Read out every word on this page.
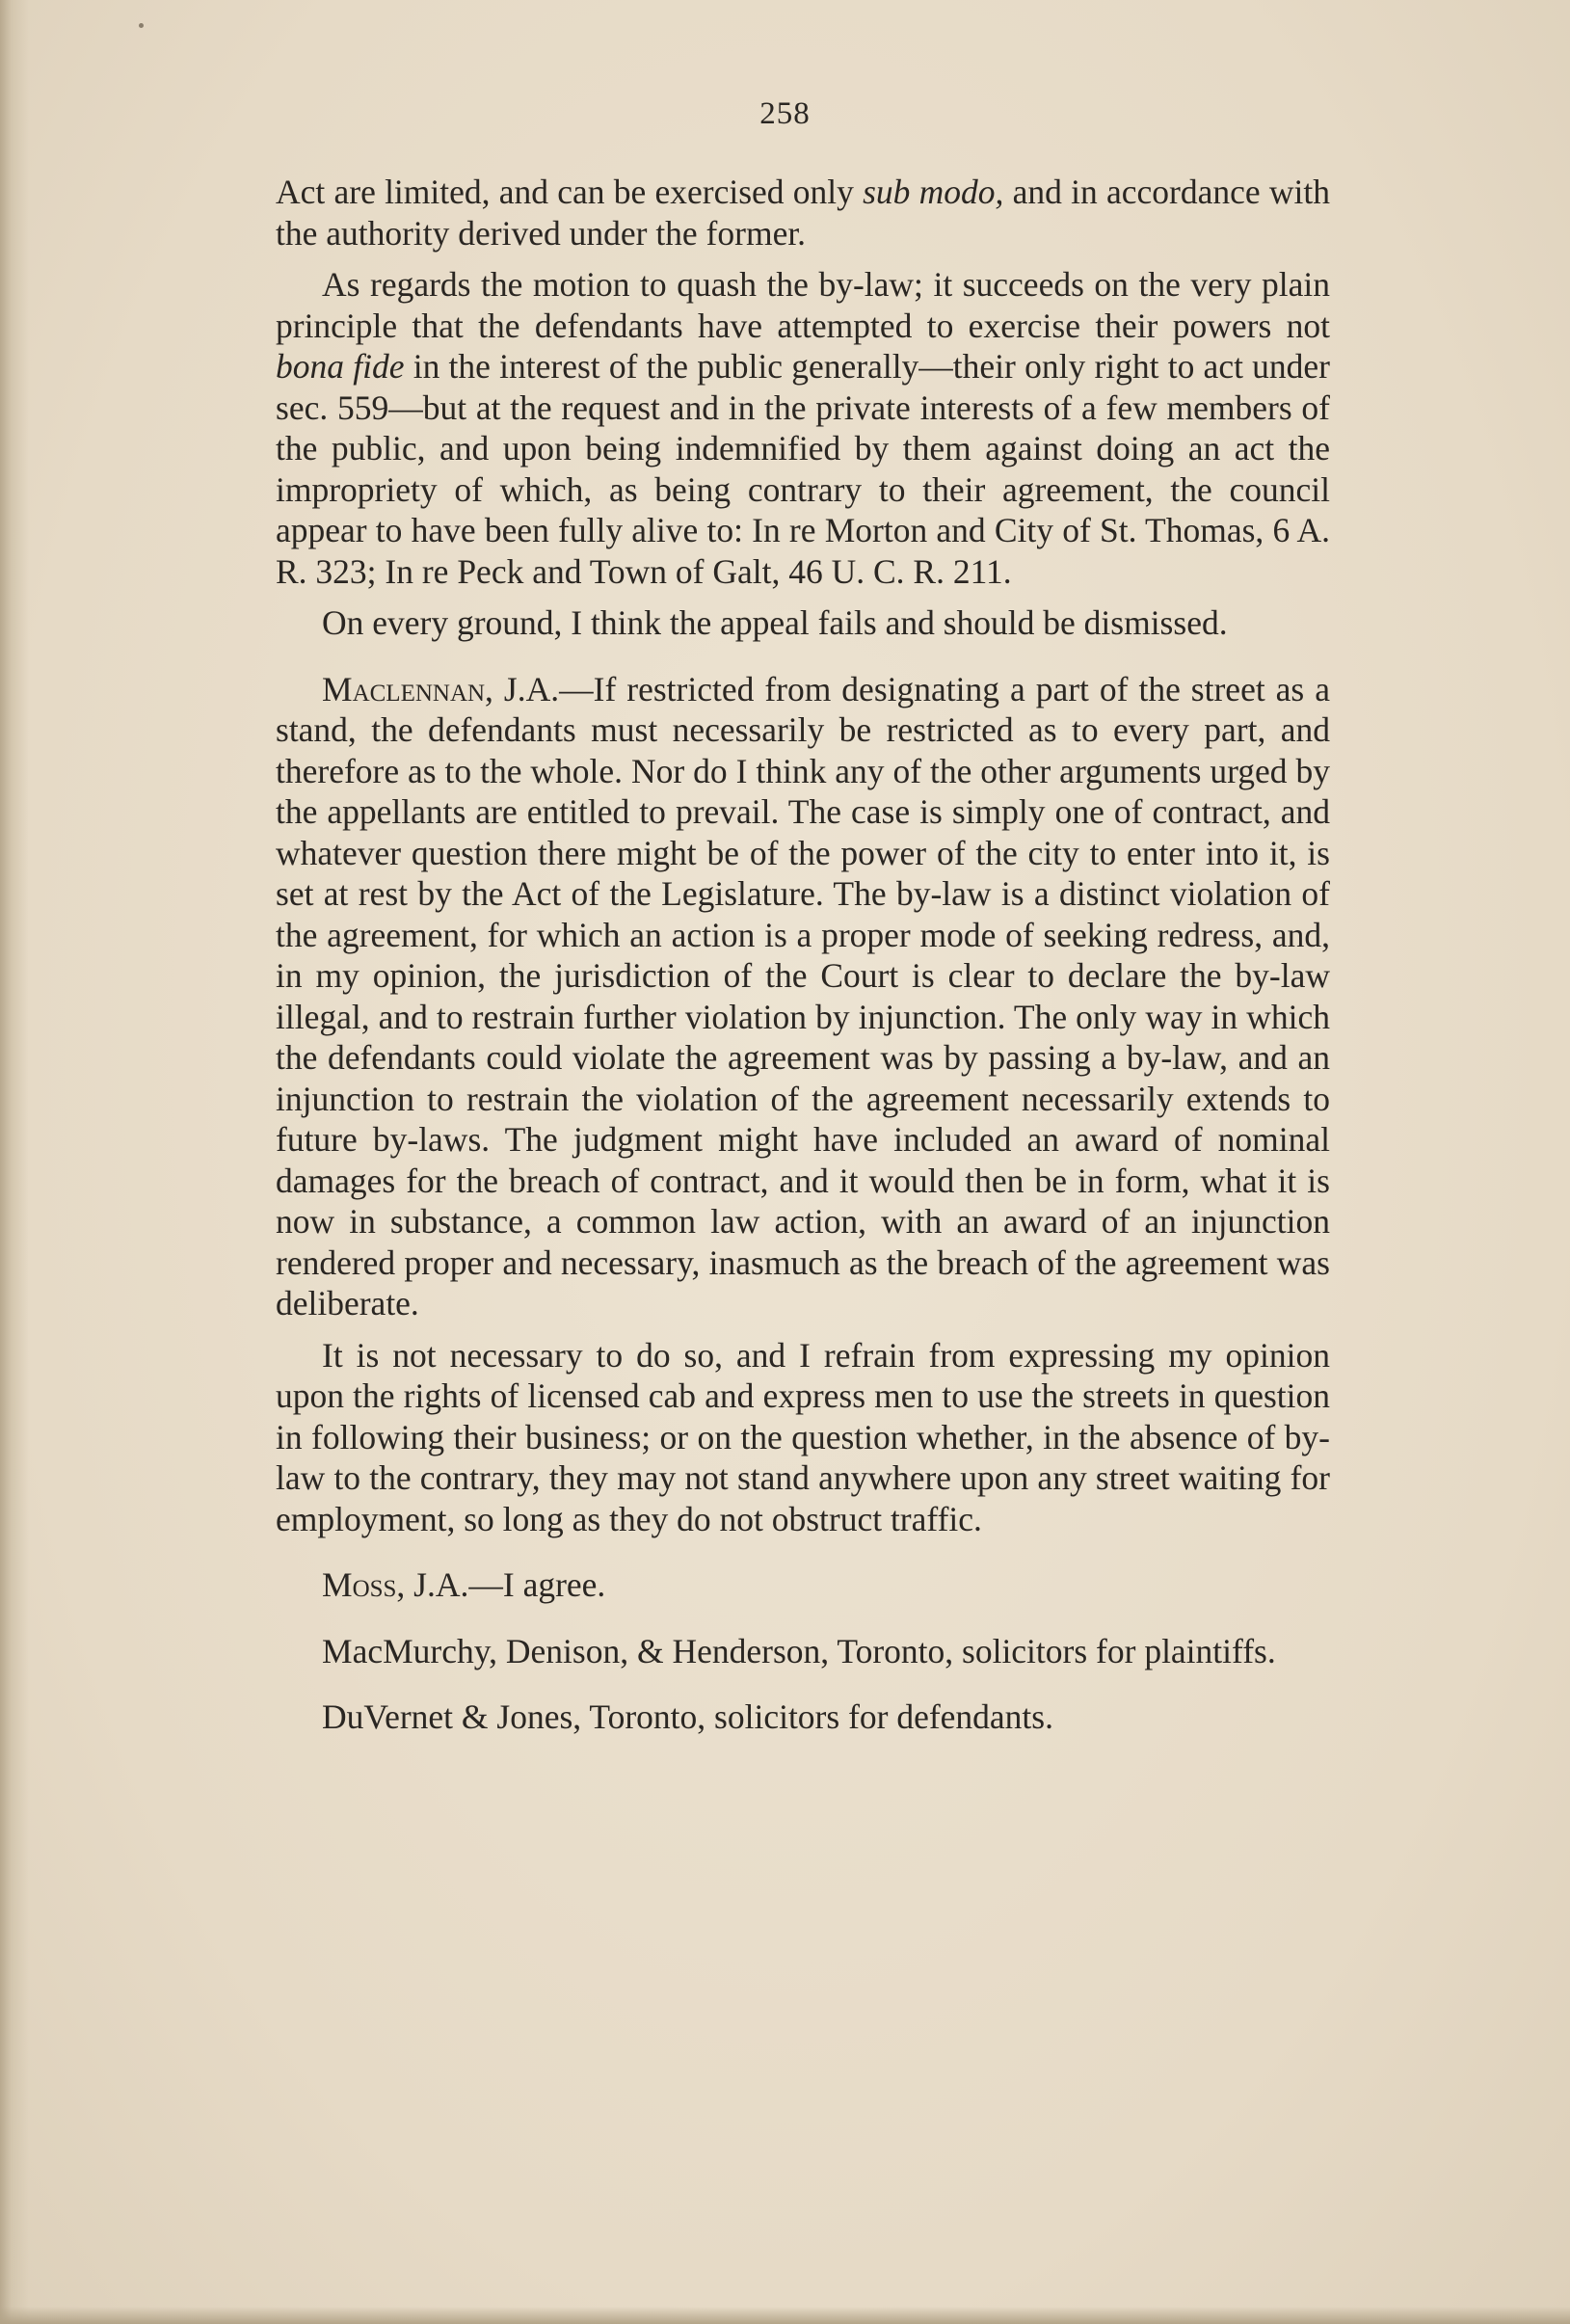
258

Act are limited, and can be exercised only sub modo, and in accordance with the authority derived under the former.

As regards the motion to quash the by-law; it succeeds on the very plain principle that the defendants have attempted to exercise their powers not bona fide in the interest of the public generally—their only right to act under sec. 559—but at the request and in the private interests of a few members of the public, and upon being indemnified by them against doing an act the impropriety of which, as being contrary to their agreement, the council appear to have been fully alive to: In re Morton and City of St. Thomas, 6 A. R. 323; In re Peck and Town of Galt, 46 U. C. R. 211.

On every ground, I think the appeal fails and should be dismissed.

Maclennan, J.A.—If restricted from designating a part of the street as a stand, the defendants must necessarily be restricted as to every part, and therefore as to the whole. Nor do I think any of the other arguments urged by the appellants are entitled to prevail. The case is simply one of contract, and whatever question there might be of the power of the city to enter into it, is set at rest by the Act of the Legislature. The by-law is a distinct violation of the agreement, for which an action is a proper mode of seeking redress, and, in my opinion, the jurisdiction of the Court is clear to declare the by-law illegal, and to restrain further violation by injunction. The only way in which the defendants could violate the agreement was by passing a by-law, and an injunction to restrain the violation of the agreement necessarily extends to future by-laws. The judgment might have included an award of nominal damages for the breach of contract, and it would then be in form, what it is now in substance, a common law action, with an award of an injunction rendered proper and necessary, inasmuch as the breach of the agreement was deliberate.

It is not necessary to do so, and I refrain from expressing my opinion upon the rights of licensed cab and express men to use the streets in question in following their business; or on the question whether, in the absence of by-law to the contrary, they may not stand anywhere upon any street waiting for employment, so long as they do not obstruct traffic.

Moss, J.A.—I agree.

MacMurchy, Denison, & Henderson, Toronto, solicitors for plaintiffs.

DuVernet & Jones, Toronto, solicitors for defendants.
